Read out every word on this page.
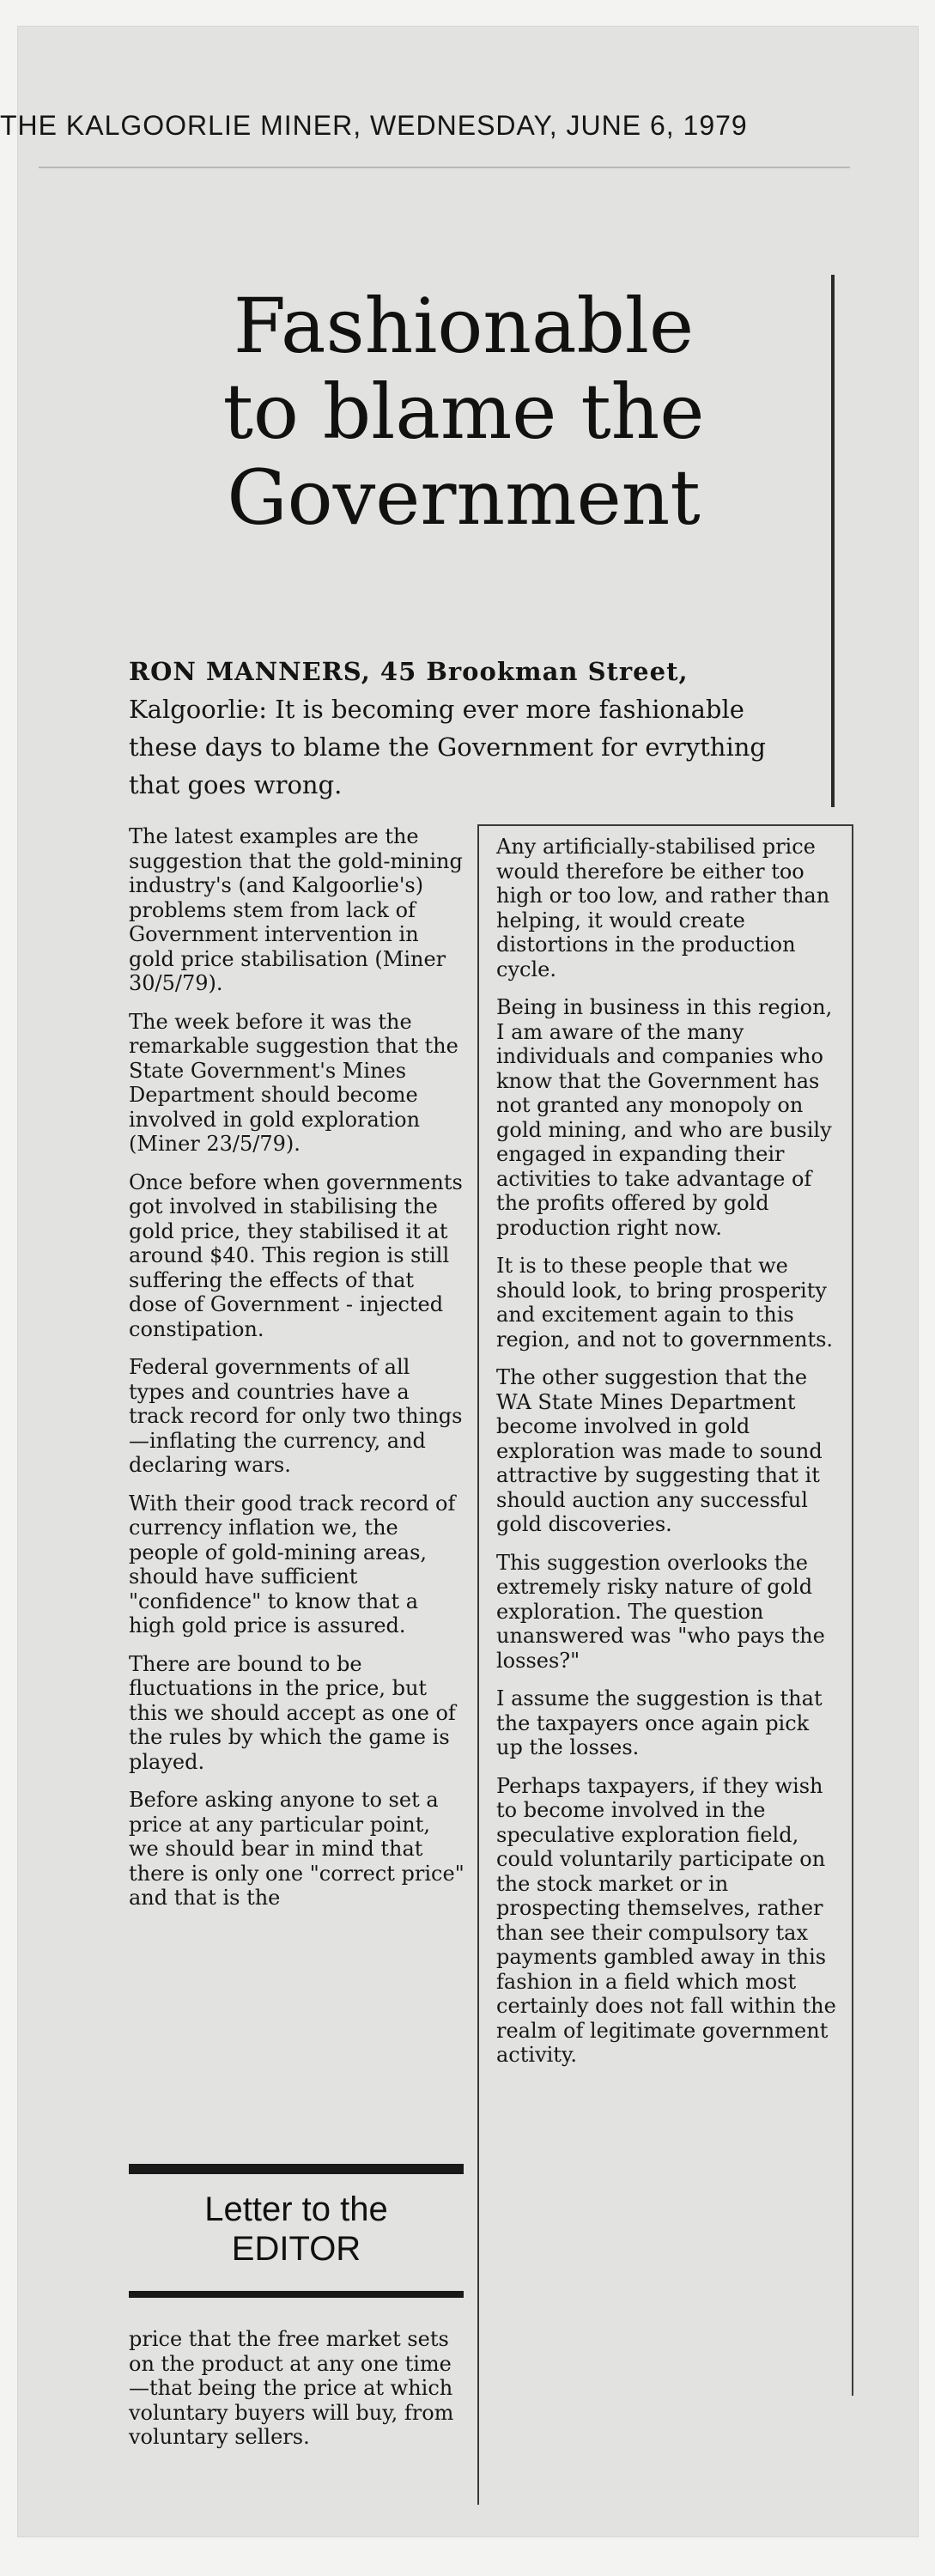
THE KALGOORLIE MINER, WEDNESDAY, JUNE 6, 1979
Fashionable
to blame the
Government
RON MANNERS, 45 Brookman Street, Kalgoorlie: It is becoming ever more fashionable these days to blame the Government for evrything that goes wrong.

The latest examples are the suggestion that the gold-mining industry's (and Kalgoorlie's) problems stem from lack of Government intervention in gold price stabilisation (Miner 30/5/79).

The week before it was the remarkable suggestion that the State Government's Mines Department should become involved in gold exploration (Miner 23/5/79).

Once before when governments got involved in stabilising the gold price, they stabilised it at around $40. This region is still suffering the effects of that dose of Government - injected constipation.

Federal governments of all types and countries have a track record for only two things—inflating the currency, and declaring wars.

With their good track record of currency inflation we, the people of gold-mining areas, should have sufficient "confidence" to know that a high gold price is assured.

There are bound to be fluctuations in the price, but this we should accept as one of the rules by which the game is played.

Before asking anyone to set a price at any particular point, we should bear in mind that there is only one "correct price" and that is the

Letter to the
EDITOR

price that the free market sets on the product at any one time—that being the price at which voluntary buyers will buy, from voluntary sellers.

Any artificially-stabilised price would therefore be either too high or too low, and rather than helping, it would create distortions in the production cycle.

Being in business in this region, I am aware of the many individuals and companies who know that the Government has not granted any monopoly on gold mining, and who are busily engaged in expanding their activities to take advantage of the profits offered by gold production right now.

It is to these people that we should look, to bring prosperity and excitement again to this region, and not to governments.

The other suggestion that the WA State Mines Department become involved in gold exploration was made to sound attractive by suggesting that it should auction any successful gold discoveries.

This suggestion overlooks the extremely risky nature of gold exploration. The question unanswered was "who pays the losses?"

I assume the suggestion is that the taxpayers once again pick up the losses.

Perhaps taxpayers, if they wish to become involved in the speculative exploration field, could voluntarily participate on the stock market or in prospecting themselves, rather than see their compulsory tax payments gambled away in this fashion in a field which most certainly does not fall within the realm of legitimate government activity.
